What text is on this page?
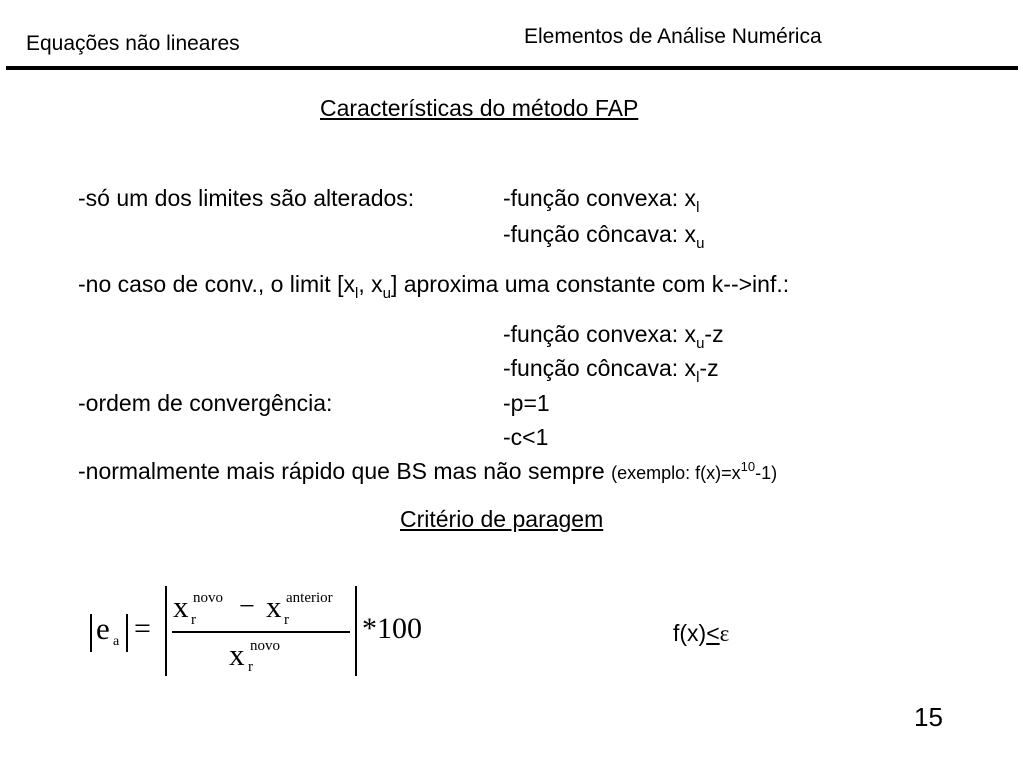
Equações não lineares	Elementos de Análise Numérica
Características do método FAP
-só um dos limites são alterados:	-função convexa: $x_l$
-função côncava: $x_u$
-no caso de conv., o limit [$x_l$, $x_u$] aproxima uma constante com k-->inf.:
-função convexa: $x_u-z$
-função côncava: $x_l-z$
-ordem de convergência:	-p=1
-c<1
-normalmente mais rápido que BS mas não sempre (exemplo: $f(x)=x^{10}-1$)
Critério de paragem
e a =
x novo
r − x anterior
r
x novo
r
*100	f(x)<ε
15
